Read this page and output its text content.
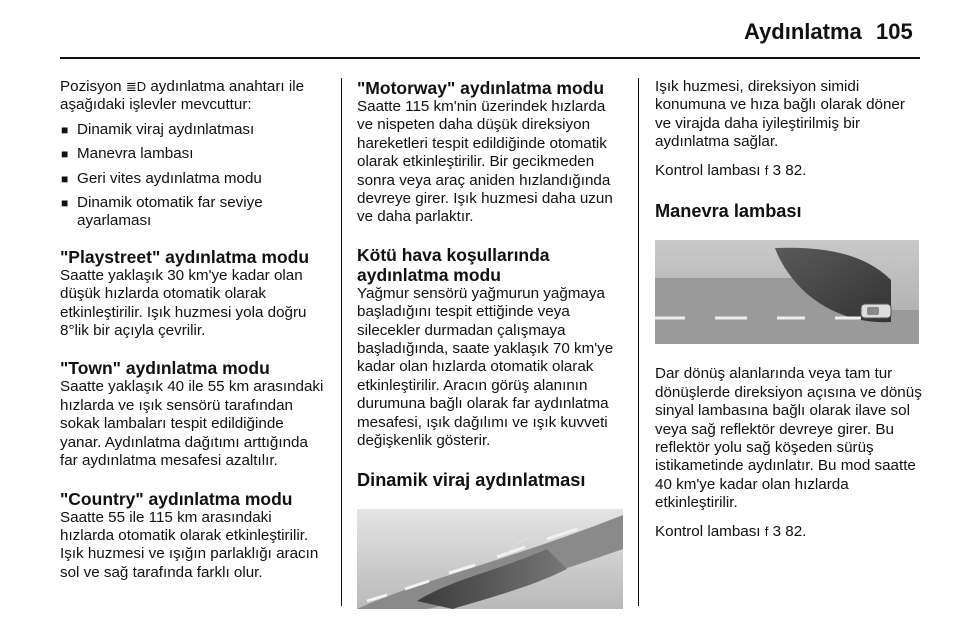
Aydınlatma 105

Pozisyon ≣D aydınlatma anahtarı ile aşağıdaki işlevler mevcuttur:

■ Dinamik viraj aydınlatması
■ Manevra lambası
■ Geri vites aydınlatma modu
■ Dinamik otomatik far seviye ayarlaması

"Playstreet" aydınlatma modu

Saatte yaklaşık 30 km'ye kadar olan düşük hızlarda otomatik olarak etkinleştirilir. Işık huzmesi yola doğru 8°lik bir açıyla çevrilir.

"Town" aydınlatma modu

Saatte yaklaşık 40 ile 55 km arasındaki hızlarda ve ışık sensörü tarafından sokak lambaları tespit edildiğinde yanar. Aydınlatma dağıtımı arttığında far aydınlatma mesafesi azaltılır.

"Country" aydınlatma modu

Saatte 55 ile 115 km arasındaki hızlarda otomatik olarak etkinleştirilir. Işık huzmesi ve ışığın parlaklığı aracın sol ve sağ tarafında farklı olur.

"Motorway" aydınlatma modu

Saatte 115 km'nin üzerindek hızlarda ve nispeten daha düşük direksiyon hareketleri tespit edildiğinde otomatik olarak etkinleştirilir. Bir gecikmeden sonra veya araç aniden hızlandığında devreye girer. Işık huzmesi daha uzun ve daha parlaktır.

Kötü hava koşullarında aydınlatma modu

Yağmur sensörü yağmurun yağmaya başladığını tespit ettiğinde veya silecekler durmadan çalışmaya başladığında, saate yaklaşık 70 km'ye kadar olan hızlarda otomatik olarak etkinleştirilir. Aracın görüş alanının durumuna bağlı olarak far aydınlatma mesafesi, ışık dağılımı ve ışık kuvveti değişkenlik gösterir.

Dinamik viraj aydınlatması

Işık huzmesi, direksiyon simidi konumuna ve hıza bağlı olarak döner ve virajda daha iyileştirilmiş bir aydınlatma sağlar.

Kontrol lambası f 3 82.

Manevra lambası

Dar dönüş alanlarında veya tam tur dönüşlerde direksiyon açısına ve dönüş sinyal lambasına bağlı olarak ilave sol veya sağ reflektör devreye girer. Bu reflektör yolu sağ köşeden sürüş istikametinde aydınlatır. Bu mod saatte 40 km'ye kadar olan hızlarda etkinleştirilir.

Kontrol lambası f 3 82.
